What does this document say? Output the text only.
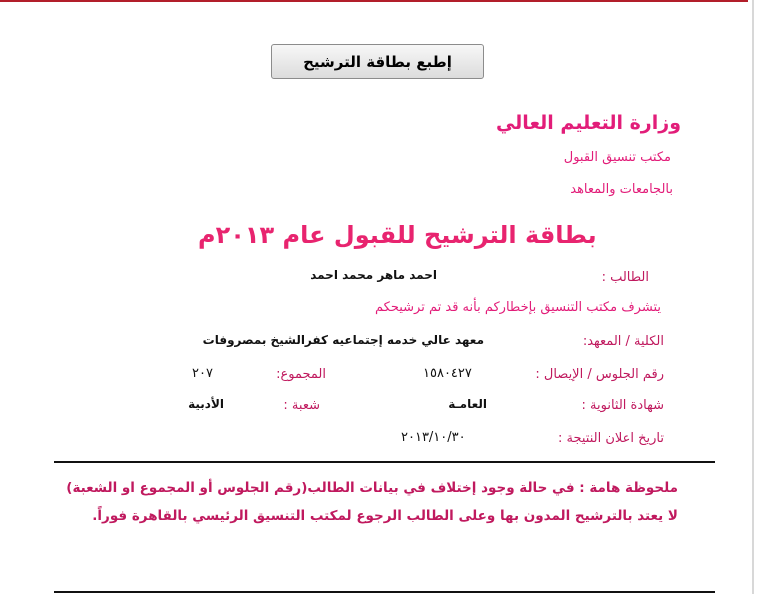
إطبع بطاقة الترشيح
وزارة التعليم العالي
مكتب تنسيق القبول
بالجامعات والمعاهد
بطاقة الترشيح للقبول عام ٢٠١٣م
الطالب :
احمد ماهر محمد احمد
يتشرف مكتب التنسيق بإخطاركم بأنه قد تم ترشيحكم
الكلية / المعهد:
معهد عالي خدمه إجتماعيه كفرالشيخ بمصروفات
رقم الجلوس / الإيصال :
١٥٨٠٤٢٧
المجموع:
٢٠٧
شهادة الثانوية :
العامـة
شعبة :
الأدبية
تاريخ اعلان النتيجة :
٢٠١٣/١٠/٣٠
ملحوظة هامة : في حالة وجود إختلاف في بيانات الطالب(رقم الجلوس أو المجموع او الشعبة)
لا يعتد بالترشيح المدون بها وعلى الطالب الرجوع لمكتب التنسيق الرئيسي بالقاهرة فوراً.
